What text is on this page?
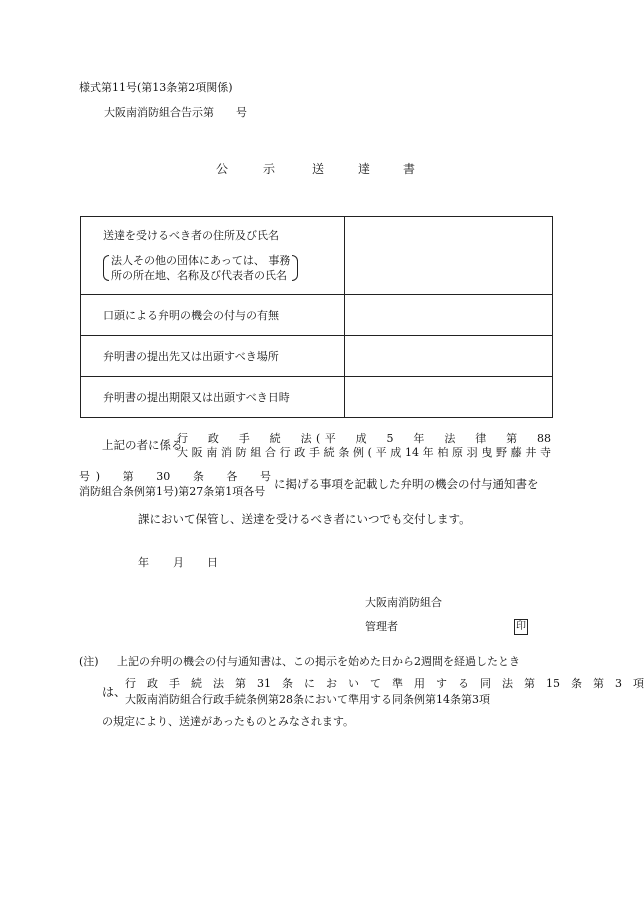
様式第11号(第13条第2項関係)
大阪南消防組合告示第　　号
公	示	送	達	書
送達を受けるべき者の住所及び氏名
法人その他の団体にあっては、 事務
所の所在地、名称及び代表者の氏名	

口頭による弁明の機会の付与の有無	
弁明書の提出先又は出頭すべき場所	
弁明書の提出期限又は出頭すべき日時	
上記の者に係る
行　政　手　続　法(平　成　5　年　法　律　第　88
大阪南消防組合行政手続条例(平成14年柏原羽曳野藤井寺
号)　第　30　条　各　号
消防組合条例第1号)第27条第1項各号
に掲げる事項を記載した弁明の機会の付与通知書を
課において保管し、送達を受けるべき者にいつでも交付します。
年 月 日
大阪南消防組合
管理者	印
(注) 上記の弁明の機会の付与通知書は、この掲示を始めた日から2週間を経過したとき
は、
行　政　手　続　法　第　31　条　に　お　い　て　準　用　す　る　同　法　第　15　条　第　3　項
大阪南消防組合行政手続条例第28条において準用する同条例第14条第3項
の規定により、送達があったものとみなされます。
